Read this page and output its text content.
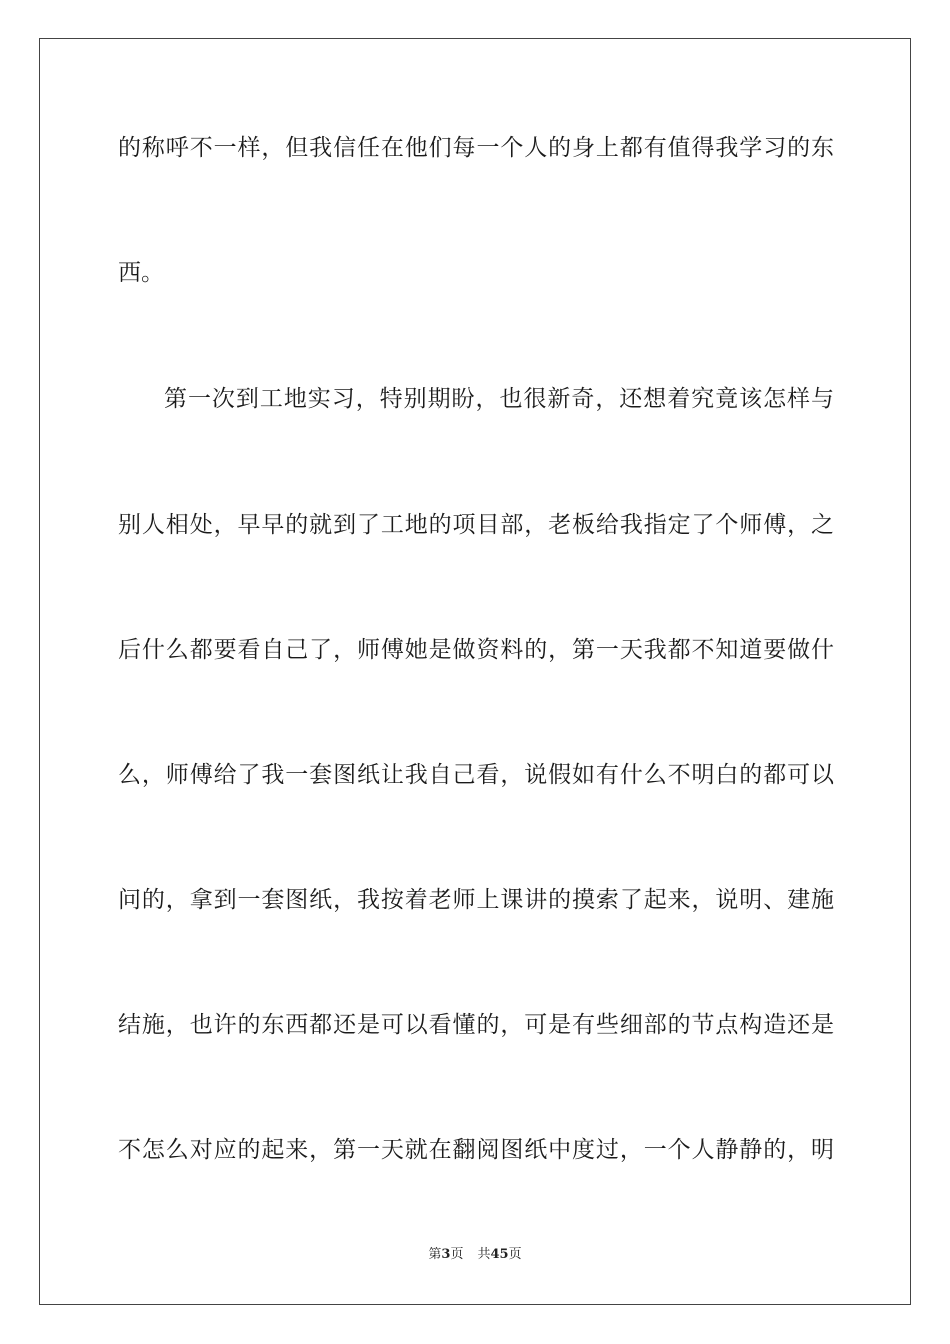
的称呼不一样，但我信任在他们每一个人的身上都有值得我学习的东
西。
第一次到工地实习，特别期盼，也很新奇，还想着究竟该怎样与
别人相处，早早的就到了工地的项目部，老板给我指定了个师傅，之
后什么都要看自己了，师傅她是做资料的，第一天我都不知道要做什
么，师傅给了我一套图纸让我自己看，说假如有什么不明白的都可以
问的，拿到一套图纸，我按着老师上课讲的摸索了起来，说明、建施
结施，也许的东西都还是可以看懂的，可是有些细部的节点构造还是
不怎么对应的起来，第一天就在翻阅图纸中度过，一个人静静的，明
第3页 共45页
